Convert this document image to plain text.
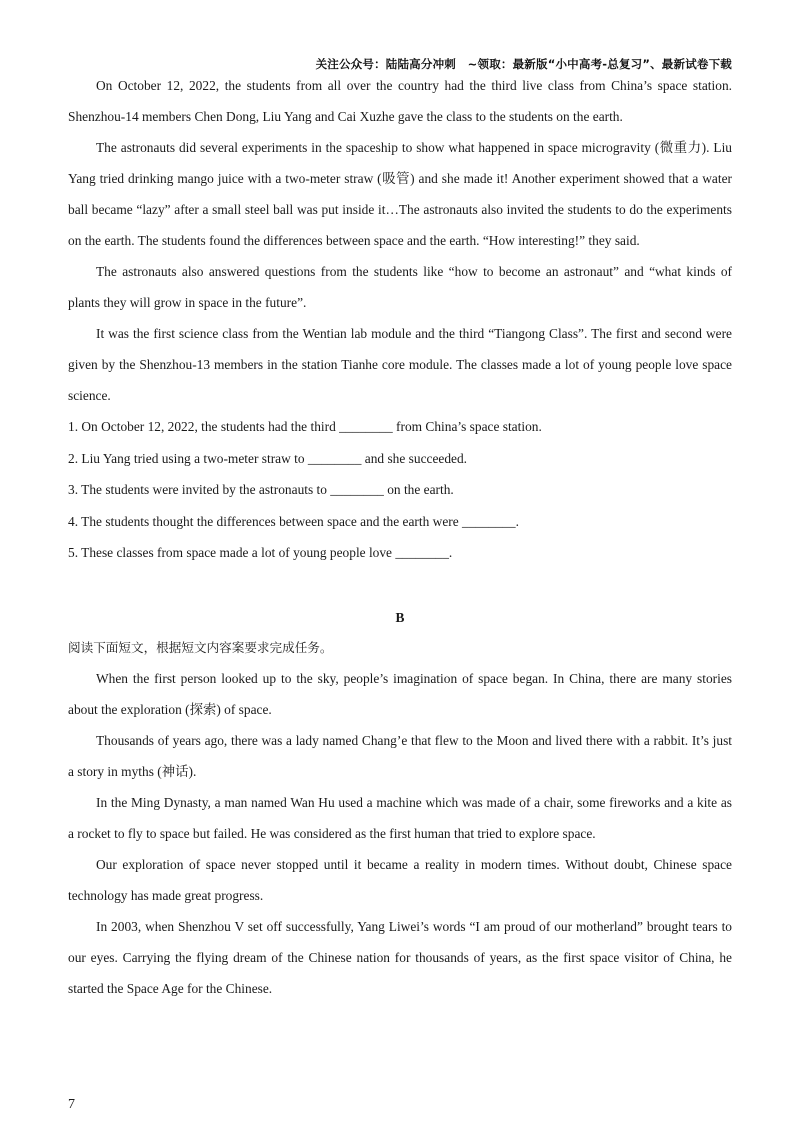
关注公众号：陆陆高分冲刺　~领取：最新版“小中高考-总复习”、最新试卷下载

On October 12, 2022, the students from all over the country had the third live class from China’s space station. Shenzhou-14 members Chen Dong, Liu Yang and Cai Xuzhe gave the class to the students on the earth.

The astronauts did several experiments in the spaceship to show what happened in space microgravity (微重力). Liu Yang tried drinking mango juice with a two-meter straw (吸管) and she made it! Another experiment showed that a water ball became “lazy” after a small steel ball was put inside it…The astronauts also invited the students to do the experiments on the earth. The students found the differences between space and the earth. “How interesting!” they said.

The astronauts also answered questions from the students like “how to become an astronaut” and “what kinds of plants they will grow in space in the future”.

It was the first science class from the Wentian lab module and the third “Tiangong Class”. The first and second were given by the Shenzhou-13 members in the station Tianhe core module. The classes made a lot of young people love space science.

1. On October 12, 2022, the students had the third ________ from China’s space station.

2. Liu Yang tried using a two-meter straw to ________ and she succeeded.

3. The students were invited by the astronauts to ________ on the earth.

4. The students thought the differences between space and the earth were ________.

5. These classes from space made a lot of young people love ________.

B

阅读下面短文，根据短文内容案要求完成任务。

When the first person looked up to the sky, people’s imagination of space began. In China, there are many stories about the exploration (探索) of space.

Thousands of years ago, there was a lady named Chang’e that flew to the Moon and lived there with a rabbit. It’s just a story in myths (神话).

In the Ming Dynasty, a man named Wan Hu used a machine which was made of a chair, some fireworks and a kite as a rocket to fly to space but failed. He was considered as the first human that tried to explore space.

Our exploration of space never stopped until it became a reality in modern times. Without doubt, Chinese space technology has made great progress.

In 2003, when Shenzhou V set off successfully, Yang Liwei’s words “I am proud of our motherland” brought tears to our eyes. Carrying the flying dream of the Chinese nation for thousands of years, as the first space visitor of China, he started the Space Age for the Chinese.

7
